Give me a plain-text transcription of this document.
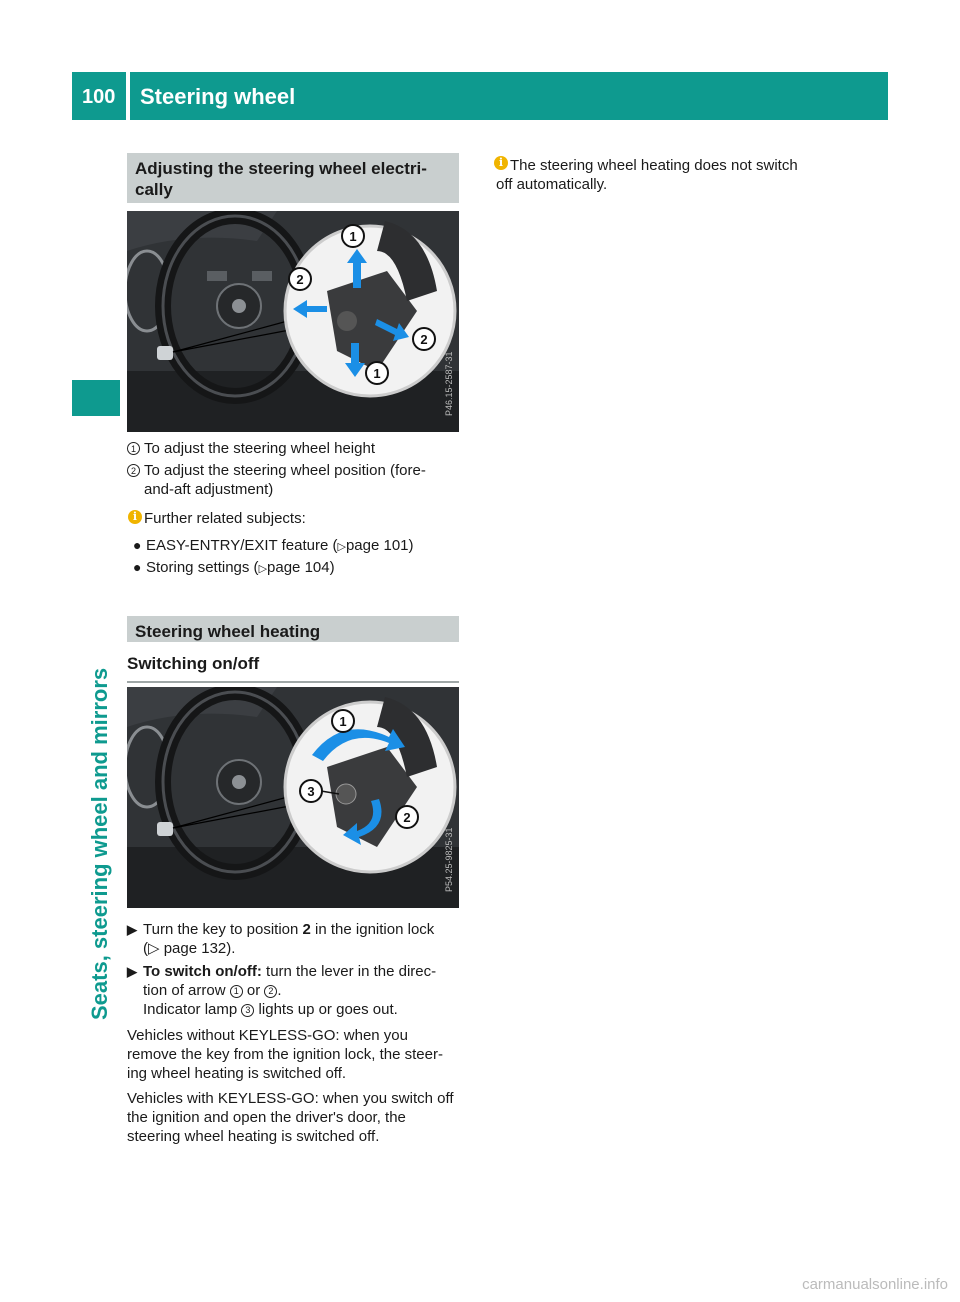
100 Steering wheel
Seats, steering wheel and mirrors
Adjusting the steering wheel electri-
cally
1
2
2
1	P46.15-2587-31
1 To adjust the steering wheel height
2 To adjust the steering wheel position (fore-
and-aft adjustment)
i Further related subjects:
● EASY-ENTRY/EXIT feature (▷page 101)
● Storing settings (▷page 104)
Steering wheel heating
Switching on/off
1
2
3
P54.25-9825-31
▶ Turn the key to position 2 in the ignition lock
(▷ page 132).
▶ To switch on/off: turn the lever in the direc-
tion of arrow 1 or 2 .
Indicator lamp 3 lights up or goes out.

Vehicles without KEYLESS-GO: when you

remove the key from the ignition lock, the steer-

ing wheel heating is switched off.

Vehicles with KEYLESS-GO: when you switch off

the ignition and open the driver's door, the

steering wheel heating is switched off.

i The steering wheel heating does not switch

off automatically.

carmanualsonline.info
